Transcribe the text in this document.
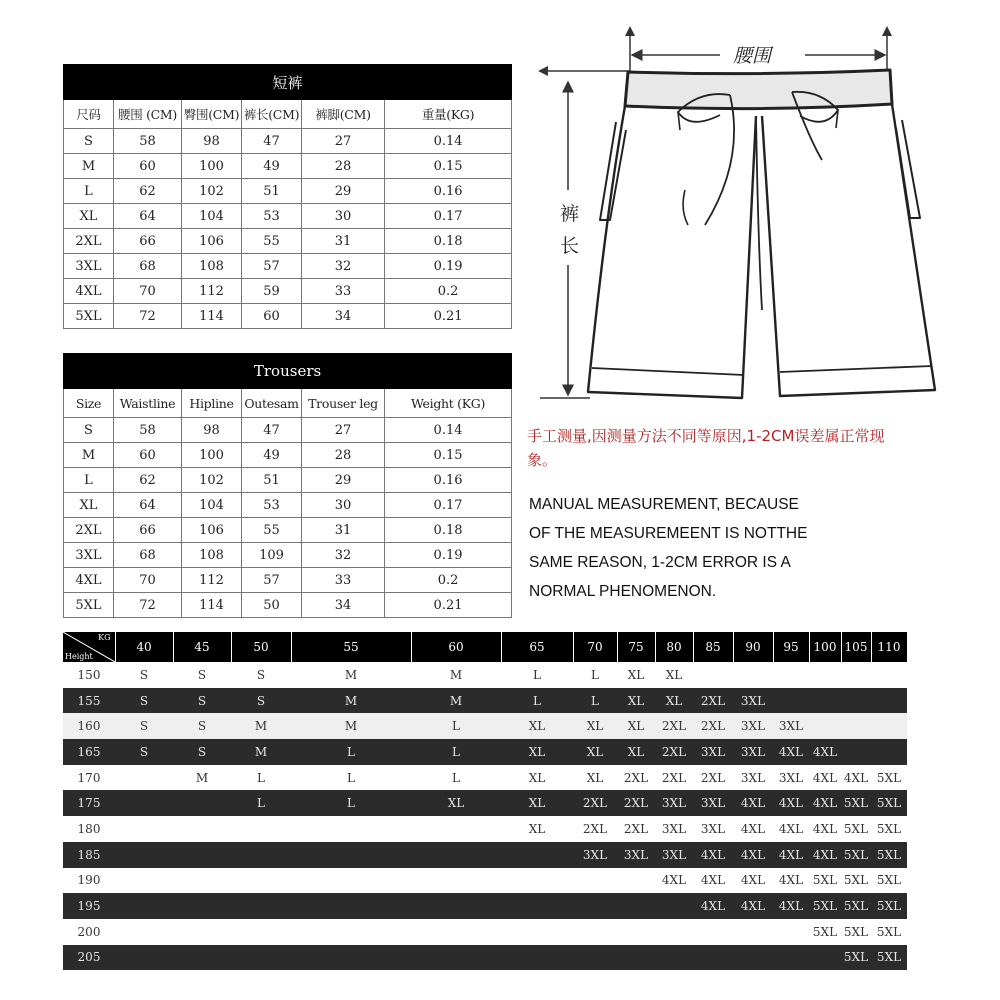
短裤					
尺码	腰围 (CM)	臀围(CM)	裤长(CM)	裤脚(CM)	重量(KG)
S	58	98	47	27	0.14
M	60	100	49	28	0.15
L	62	102	51	29	0.16
XL	64	104	53	30	0.17
2XL	66	106	55	31	0.18
3XL	68	108	57	32	0.19
4XL	70	112	59	33	0.2
5XL	72	114	60	34	0.21
Trousers					
Size	Waistline	Hipline	Outesam	Trouser leg	Weight (KG)
S	58	98	47	27	0.14
M	60	100	49	28	0.15
L	62	102	51	29	0.16
XL	64	104	53	30	0.17
2XL	66	106	55	31	0.18
3XL	68	108	109	32	0.19
4XL	70	112	57	33	0.2
5XL	72	114	50	34	0.21
腰围
裤
长
手工测量,因测量方法不同等原因,1-2CM误差属正常现象。
MANUAL MEASUREMENT, BECAUSE OF THE MEASUREMEENT IS NOTTHE SAME REASON, 1-2CM ERROR IS A NORMAL PHENOMENON.
KG
Height	40	45	50	55	60	65	70	75	80	85	90	95	100	105	110
150	S	S	S	M	M	L	L	XL	XL						
155	S	S	S	M	M	L	L	XL	XL	2XL	3XL				
160	S	S	M	M	L	XL	XL	XL	2XL	2XL	3XL	3XL			
165	S	S	M	L	L	XL	XL	XL	2XL	3XL	3XL	4XL	4XL		
170		M	L	L	L	XL	XL	2XL	2XL	2XL	3XL	3XL	4XL	4XL	5XL
175			L	L	XL	XL	2XL	2XL	3XL	3XL	4XL	4XL	4XL	5XL	5XL
180						XL	2XL	2XL	3XL	3XL	4XL	4XL	4XL	5XL	5XL
185							3XL	3XL	3XL	4XL	4XL	4XL	4XL	5XL	5XL
190									4XL	4XL	4XL	4XL	5XL	5XL	5XL
195										4XL	4XL	4XL	5XL	5XL	5XL
200													5XL	5XL	5XL
205														5XL	5XL
